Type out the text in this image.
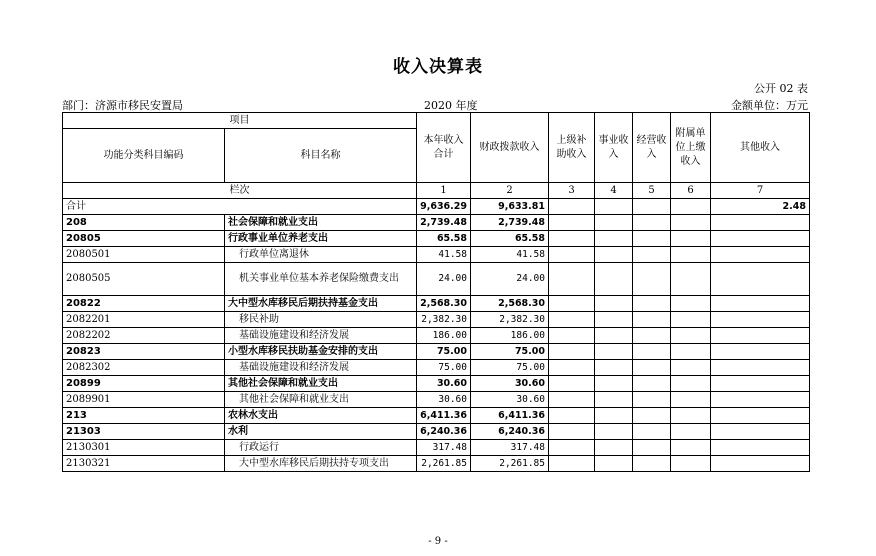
收入决算表
公开 02 表
部门：济源市移民安置局	2020 年度	金额单位：万元
项目		本年收入合计	财政拨款收入	上级补助收入	事业收入	经营收入	附属单位上缴收入	其他收入
功能分类科目编码	科目名称							
栏次		1	2	3	4	5	6	7
合计		9,636.29	9,633.81					2.48
208	社会保障和就业支出	2,739.48	2,739.48					
20805	行政事业单位养老支出	65.58	65.58					
2080501	行政单位离退休	41.58	41.58					
2080505	机关事业单位基本养老保险缴费支出	24.00	24.00					
20822	大中型水库移民后期扶持基金支出	2,568.30	2,568.30					
2082201	移民补助	2,382.30	2,382.30					
2082202	基础设施建设和经济发展	186.00	186.00					
20823	小型水库移民扶助基金安排的支出	75.00	75.00					
2082302	基础设施建设和经济发展	75.00	75.00					
20899	其他社会保障和就业支出	30.60	30.60					
2089901	其他社会保障和就业支出	30.60	30.60					
213	农林水支出	6,411.36	6,411.36					
21303	水利	6,240.36	6,240.36					
2130301	行政运行	317.48	317.48					
2130321	大中型水库移民后期扶持专项支出	2,261.85	2,261.85					
- 9 -
